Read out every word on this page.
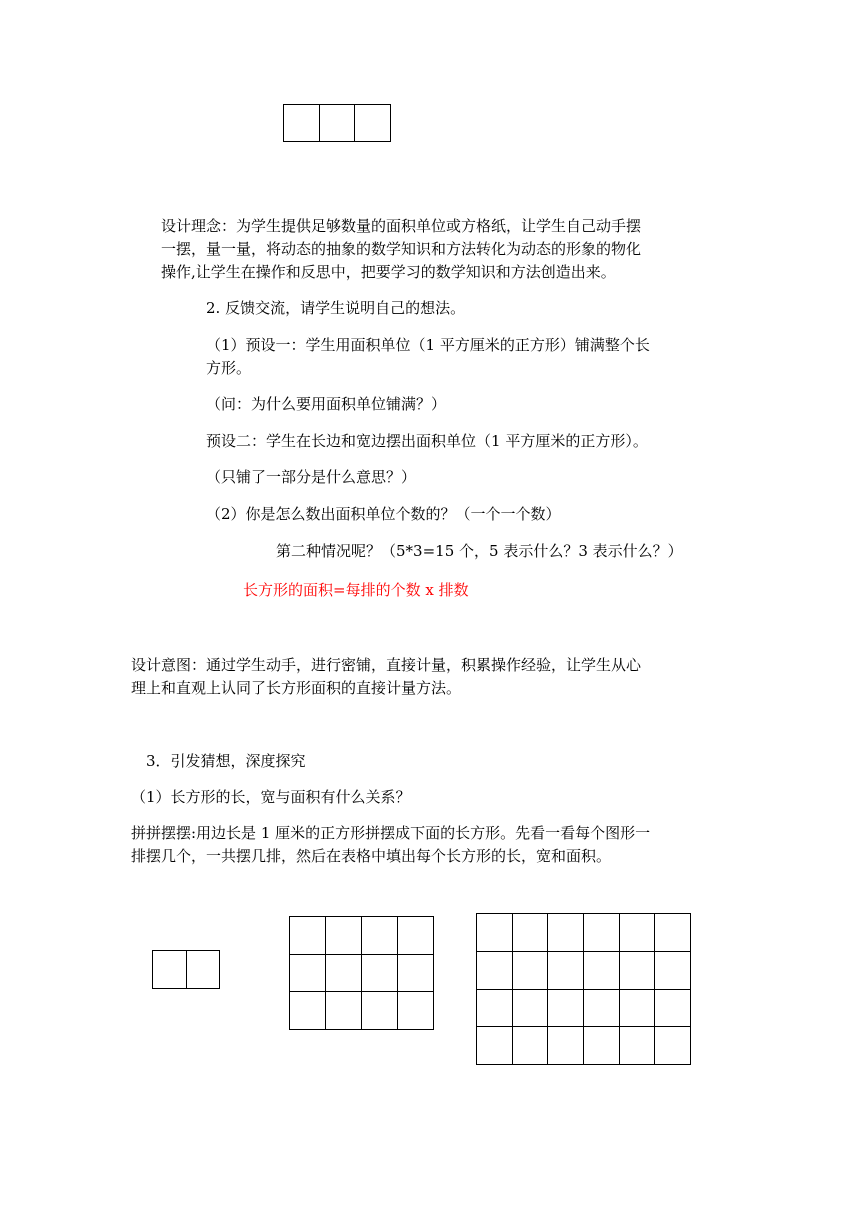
设计理念：为学生提供足够数量的面积单位或方格纸，让学生自己动手摆

一摆，量一量，将动态的抽象的数学知识和方法转化为动态的形象的物化

操作,让学生在操作和反思中，把要学习的数学知识和方法创造出来。

2. 反馈交流，请学生说明自己的想法。

（1）预设一：学生用面积单位（1 平方厘米的正方形）铺满整个长

方形。

（问：为什么要用面积单位铺满？）

预设二：学生在长边和宽边摆出面积单位（1 平方厘米的正方形）。

（只铺了一部分是什么意思？）

（2）你是怎么数出面积单位个数的？（一个一个数）

第二种情况呢？（5*3=15 个，5 表示什么？3 表示什么？）

长方形的面积=每排的个数 x 排数

设计意图：通过学生动手，进行密铺，直接计量，积累操作经验，让学生从心

理上和直观上认同了长方形面积的直接计量方法。

3．引发猜想，深度探究

（1）长方形的长，宽与面积有什么关系？

拼拼摆摆:用边长是 1 厘米的正方形拼摆成下面的长方形。先看一看每个图形一

排摆几个，一共摆几排，然后在表格中填出每个长方形的长，宽和面积。
